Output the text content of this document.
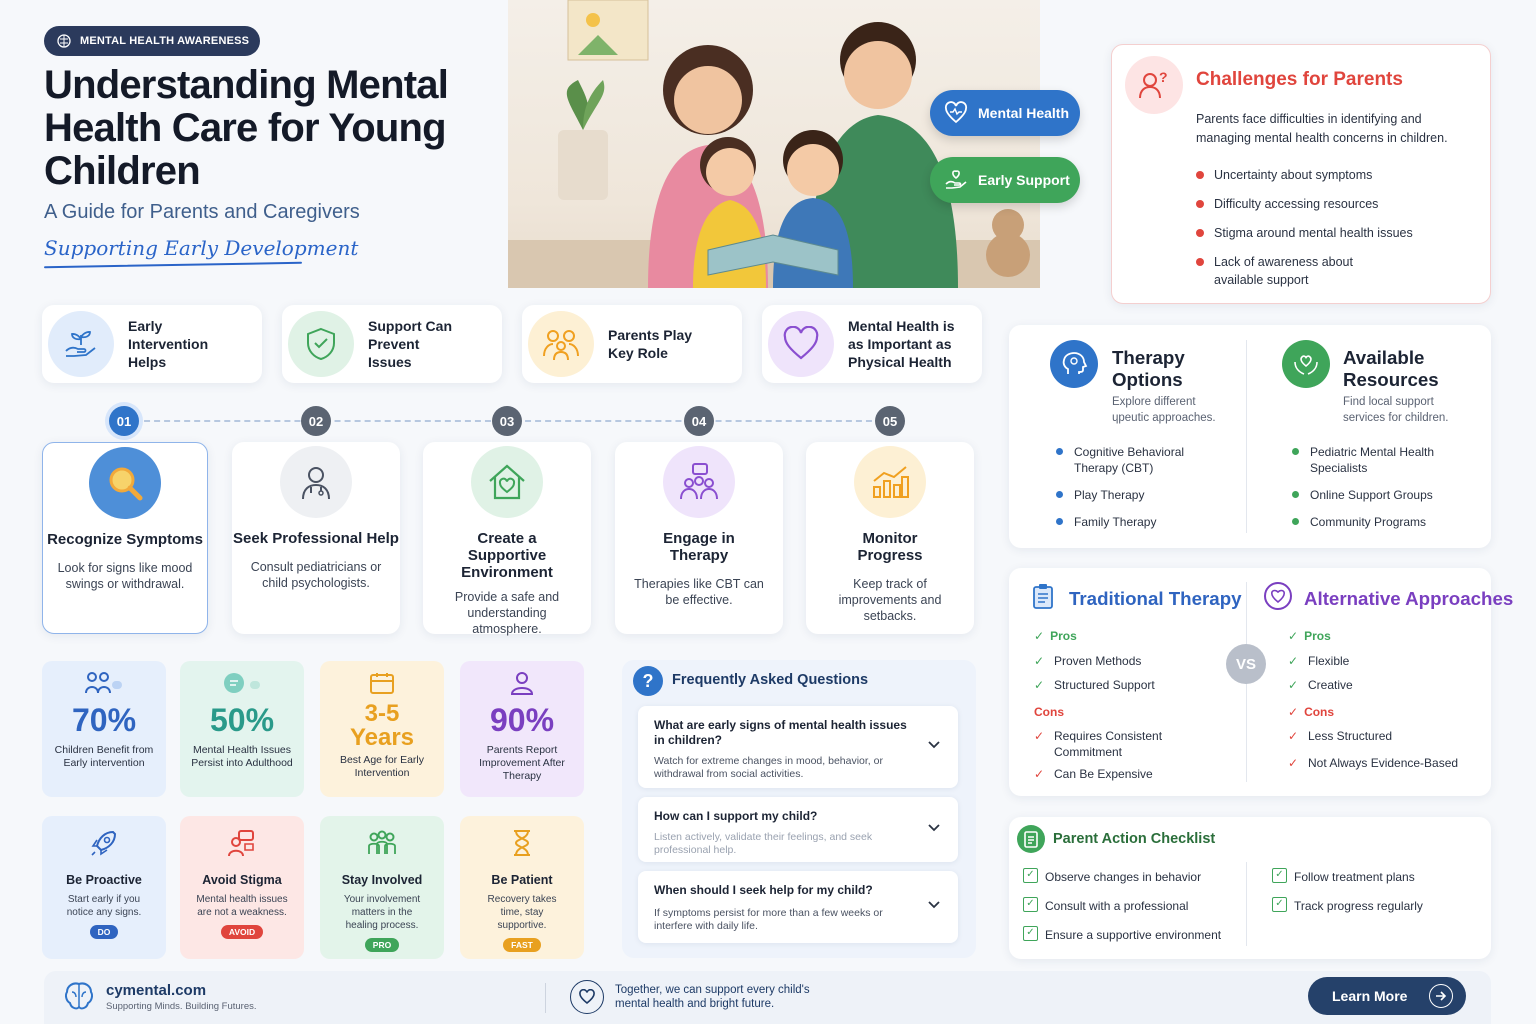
MENTAL HEALTH AWARENESS
Understanding Mental Health Care for Young Children
A Guide for Parents and Caregivers
Supporting Early Development
Mental Health
Early Support
? Challenges for Parents

Parents face difficulties in identifying and managing mental health concerns in children.

Uncertainty about symptoms
Difficulty accessing resources
Stigma around mental health issues
Lack of awareness about available support
Early Intervention Helps
Support Can Prevent Issues
Parents Play Key Role
Mental Health is as Important as Physical Health
01	02	03	04	05
Recognize Symptoms

Look for signs like mood swings or withdrawal.

Seek Professional Help

Consult pediatricians or child psychologists.

Create a Supportive Environment

Provide a safe and understanding atmosphere.

Engage in Therapy

Therapies like CBT can be effective.

Monitor Progress

Keep track of improvements and setbacks.

70%
Children Benefit from Early intervention
50%
Mental Health Issues Persist into Adulthood
3-5 Years
Best Age for Early Intervention
90%
Parents Report Improvement After Therapy
Be Proactive

Start early if you notice any signs.

DO
Avoid Stigma

Mental health issues are not a weakness.

AVOID
Stay Involved

Your involvement matters in the healing process.

PRO
Be Patient

Recovery takes time, stay supportive.

FAST
?	Frequently Asked Questions
What are early signs of mental health issues in children?
Watch for extreme changes in mood, behavior, or withdrawal from social activities.
How can I support my child?
Listen actively, validate their feelings, and seek professional help.
When should I seek help for my child?
If symptoms persist for more than a few weeks or interfere with daily life.
Therapy Options
Explore different ɥpeutic approaches.
Cognitive Behavioral Therapy (CBT)
Play Therapy
Family Therapy
Available Resources
Find local support services for children.
Pediatric Mental Health Specialists
Online Support Groups
Community Programs
VS
Traditional Therapy
✓ Pros
✓ Proven Methods
✓ Structured Support
Cons
✓ Requires Consistent Commitment
✓ Can Be Expensive
Alternative Approaches
✓ Pros
✓ Flexible
✓ Creative
✓ Cons
✓ Less Structured
✓ Not Always Evidence-Based
Parent Action Checklist
✓ Observe changes in behavior
✓ Consult with a professional
✓ Ensure a supportive environment
✓ Follow treatment plans
✓ Track progress regularly
cymental.com
Supporting Minds. Building Futures.
Together, we can support every child's mental health and bright future.	Learn More
